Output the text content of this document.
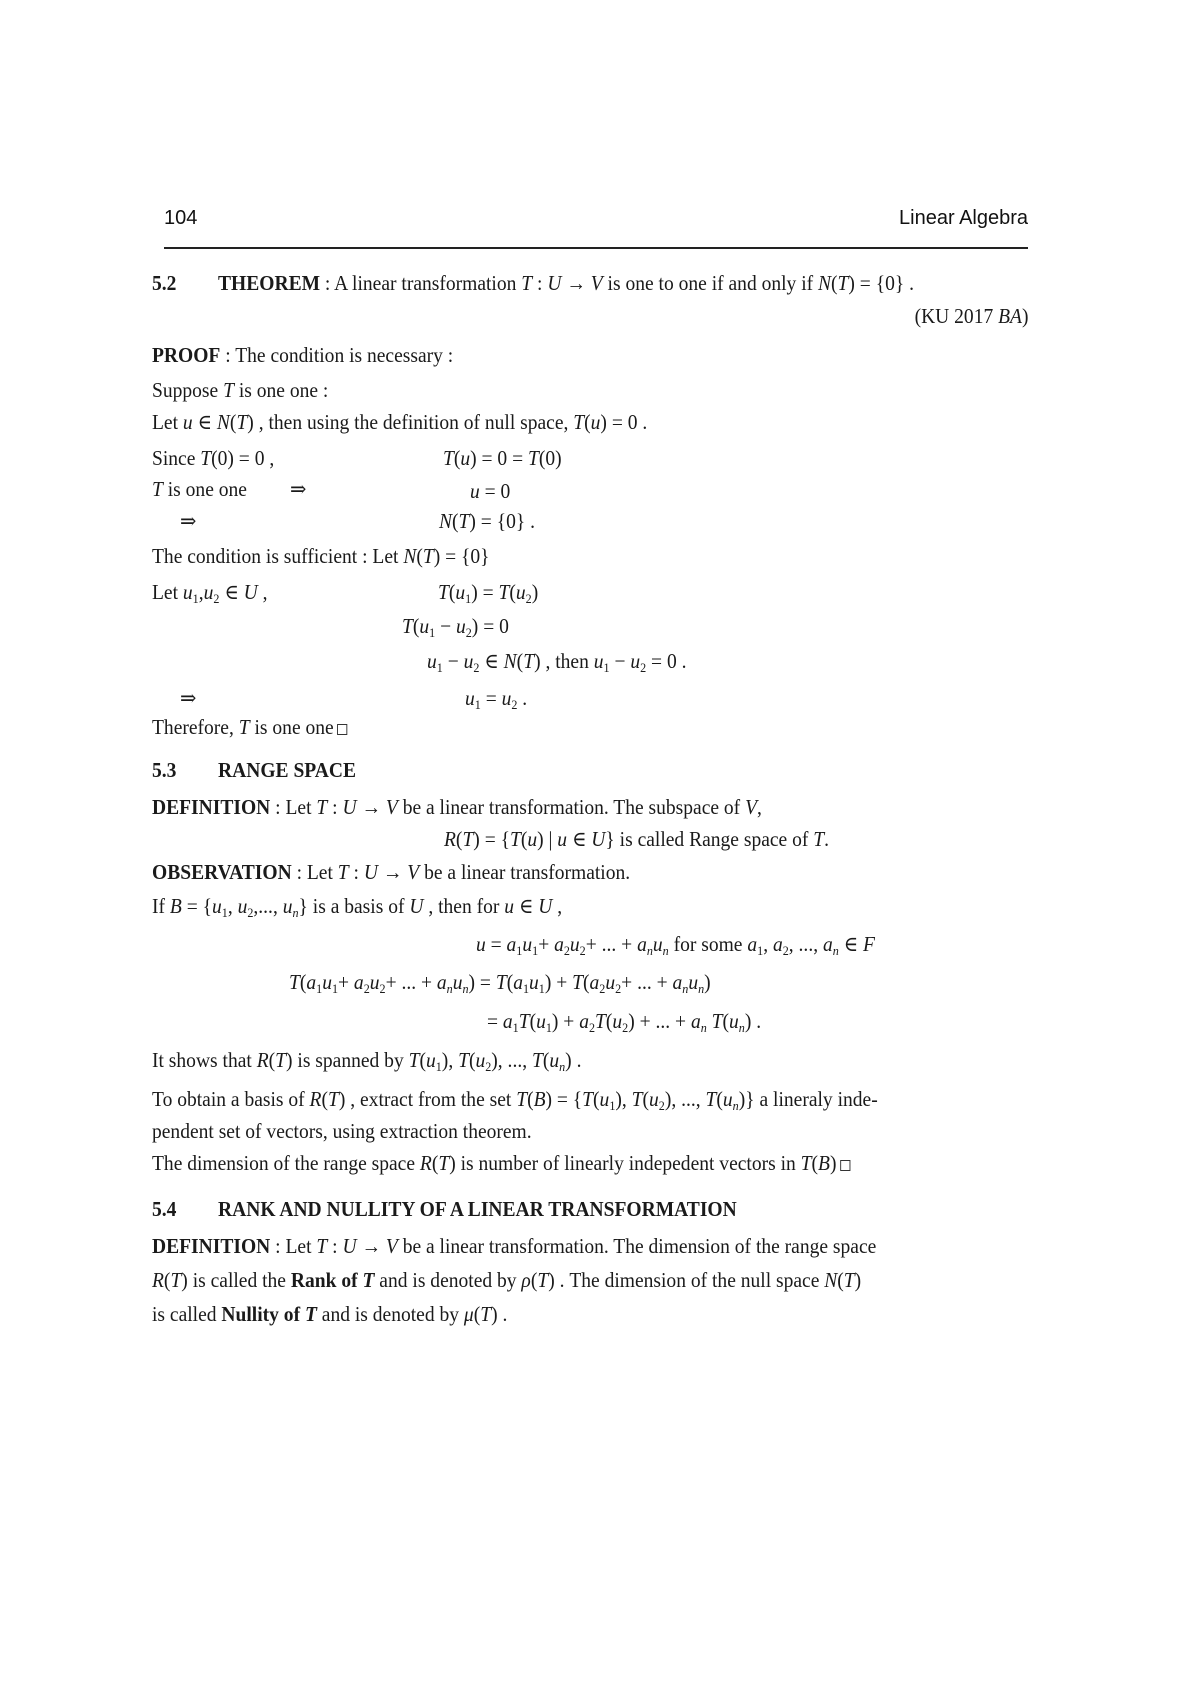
104	Linear Algebra
5.2 THEOREM : A linear transformation T : U → V is one to one if and only if N(T) = {0} .
(KU 2017 BA)
PROOF : The condition is necessary :
Suppose T is one one :
Let u ∈ N(T) , then using the definition of null space, T(u) = 0 .
Since T(0) = 0 ,	T(u) = 0 = T(0)
T is one one ⇒	u = 0
⇒	N(T) = {0} .
The condition is sufficient : Let N(T) = {0}
Let $u_1,u_2$ ∈ U ,	$T(u_1) = T(u_2)$
$T(u_1 - u_2) = 0$
$u_1 - u_2$ ∈ N(T) , then $u_1 - u_2 = 0$ .
⇒	$u_1 = u_2$ .
Therefore, T is one one
5.3 RANGE SPACE
DEFINITION : Let T : U → V be a linear transformation. The subspace of V,
R(T) = {T(u) | u ∈ U} is called Range space of T.
OBSERVATION : Let T : U → V be a linear transformation.
If $B = \{u_1$, $u_2$,..., $u_n$} is a basis of U , then for u ∈ U ,
$u = a_1u_1+ a_2u_2+$ ... + $a_nu_n$ for some $a_1$, $a_2$, ..., $a_n$ ∈ F
$T(a_1u_1+ a_2u_2+$ ... + $a_nu_n) = T(a_1u_1) + T(a_2u_2+$ ... + $a_nu_n$)
= $a_1T(u_1) + a_2T(u_2)$ + ... + $a_n$ $T(u_n)$ .
It shows that R(T) is spanned by $T(u_1)$, $T(u_2)$, ..., $T(u_n)$ .
To obtain a basis of R(T) , extract from the set $T(B) = \{T(u_1)$, $T(u_2)$, ..., $T(u_n)$} a lineraly inde-
pendent set of vectors, using extraction theorem.
The dimension of the range space R(T) is number of linearly indepedent vectors in T(B)
5.4 RANK AND NULLITY OF A LINEAR TRANSFORMATION
DEFINITION : Let T : U → V be a linear transformation. The dimension of the range space
R(T) is called the Rank of T and is denoted by ρ(T) . The dimension of the null space N(T)
is called Nullity of T and is denoted by μ(T) .
